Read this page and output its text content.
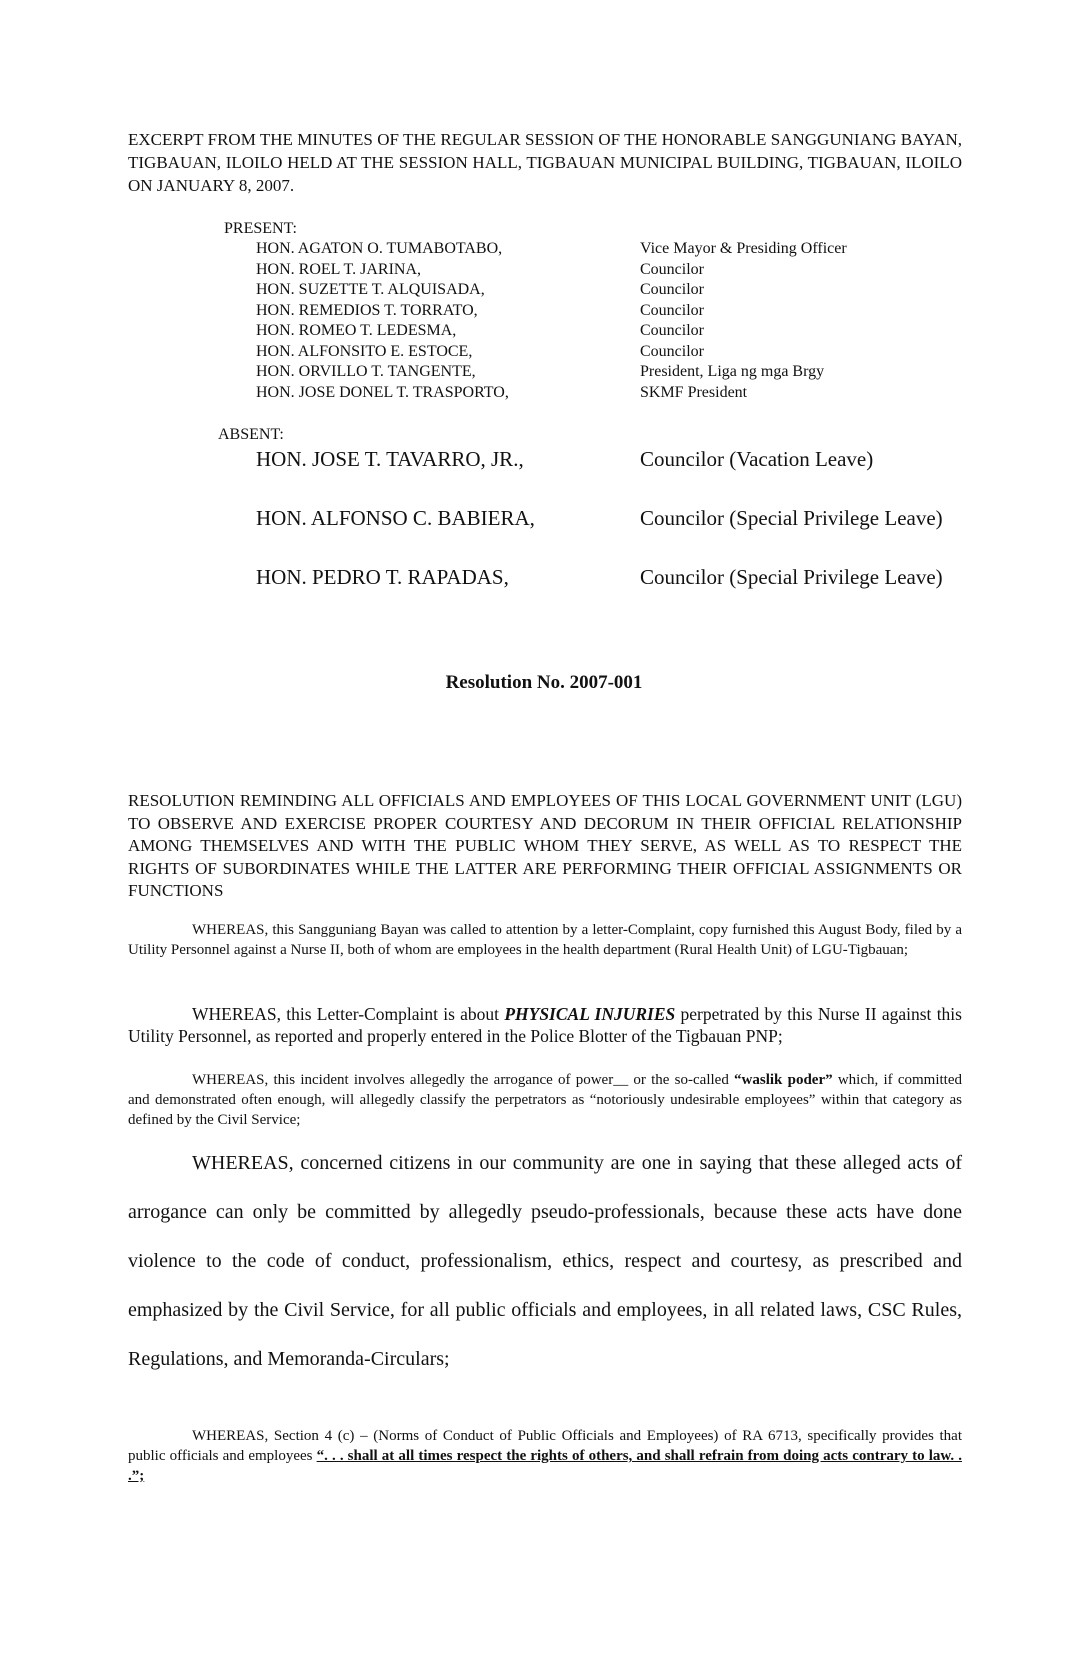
EXCERPT FROM THE MINUTES OF THE REGULAR SESSION OF THE HONORABLE SANGGUNIANG BAYAN, TIGBAUAN, ILOILO HELD AT THE SESSION HALL, TIGBAUAN MUNICIPAL BUILDING, TIGBAUAN, ILOILO ON JANUARY 8, 2007.
PRESENT:
HON. AGATON O. TUMABOTABO,	Vice Mayor & Presiding Officer
HON. ROEL T. JARINA,	Councilor
HON. SUZETTE T. ALQUISADA,	Councilor
HON. REMEDIOS T. TORRATO,	Councilor
HON. ROMEO T. LEDESMA,	Councilor
HON. ALFONSITO E. ESTOCE,	Councilor
HON. ORVILLO T. TANGENTE,	President, Liga ng mga Brgy
HON. JOSE DONEL T. TRASPORTO,	SKMF President
ABSENT:
HON. JOSE T. TAVARRO, JR.,	Councilor (Vacation Leave)
HON. ALFONSO C. BABIERA,	Councilor (Special Privilege Leave)
HON. PEDRO T. RAPADAS,	Councilor (Special Privilege Leave)
Resolution No. 2007-001
RESOLUTION REMINDING ALL OFFICIALS AND EMPLOYEES OF THIS LOCAL GOVERNMENT UNIT (LGU) TO OBSERVE AND EXERCISE PROPER COURTESY AND DECORUM IN THEIR OFFICIAL RELATIONSHIP AMONG THEMSELVES AND WITH THE PUBLIC WHOM THEY SERVE, AS WELL AS TO RESPECT THE RIGHTS OF SUBORDINATES WHILE THE LATTER ARE PERFORMING THEIR OFFICIAL ASSIGNMENTS OR FUNCTIONS
WHEREAS, this Sangguniang Bayan was called to attention by a letter-Complaint, copy furnished this August Body, filed by a Utility Personnel against a Nurse II, both of whom are employees in the health department (Rural Health Unit) of LGU-Tigbauan;
WHEREAS, this Letter-Complaint is about PHYSICAL INJURIES perpetrated by this Nurse II against this Utility Personnel, as reported and properly entered in the Police Blotter of the Tigbauan PNP;
WHEREAS, this incident involves allegedly the arrogance of power__ or the so-called “waslik poder” which, if committed and demonstrated often enough, will allegedly classify the perpetrators as “notoriously undesirable employees” within that category as defined by the Civil Service;
WHEREAS, concerned citizens in our community are one in saying that these alleged acts of arrogance can only be committed by allegedly pseudo-professionals, because these acts have done violence to the code of conduct, professionalism, ethics, respect and courtesy, as prescribed and emphasized by the Civil Service, for all public officials and employees, in all related laws, CSC Rules, Regulations, and Memoranda-Circulars;
WHEREAS, Section 4 (c) – (Norms of Conduct of Public Officials and Employees) of RA 6713, specifically provides that public officials and employees “. . . shall at all times respect the rights of others, and shall refrain from doing acts contrary to law. . .”;
